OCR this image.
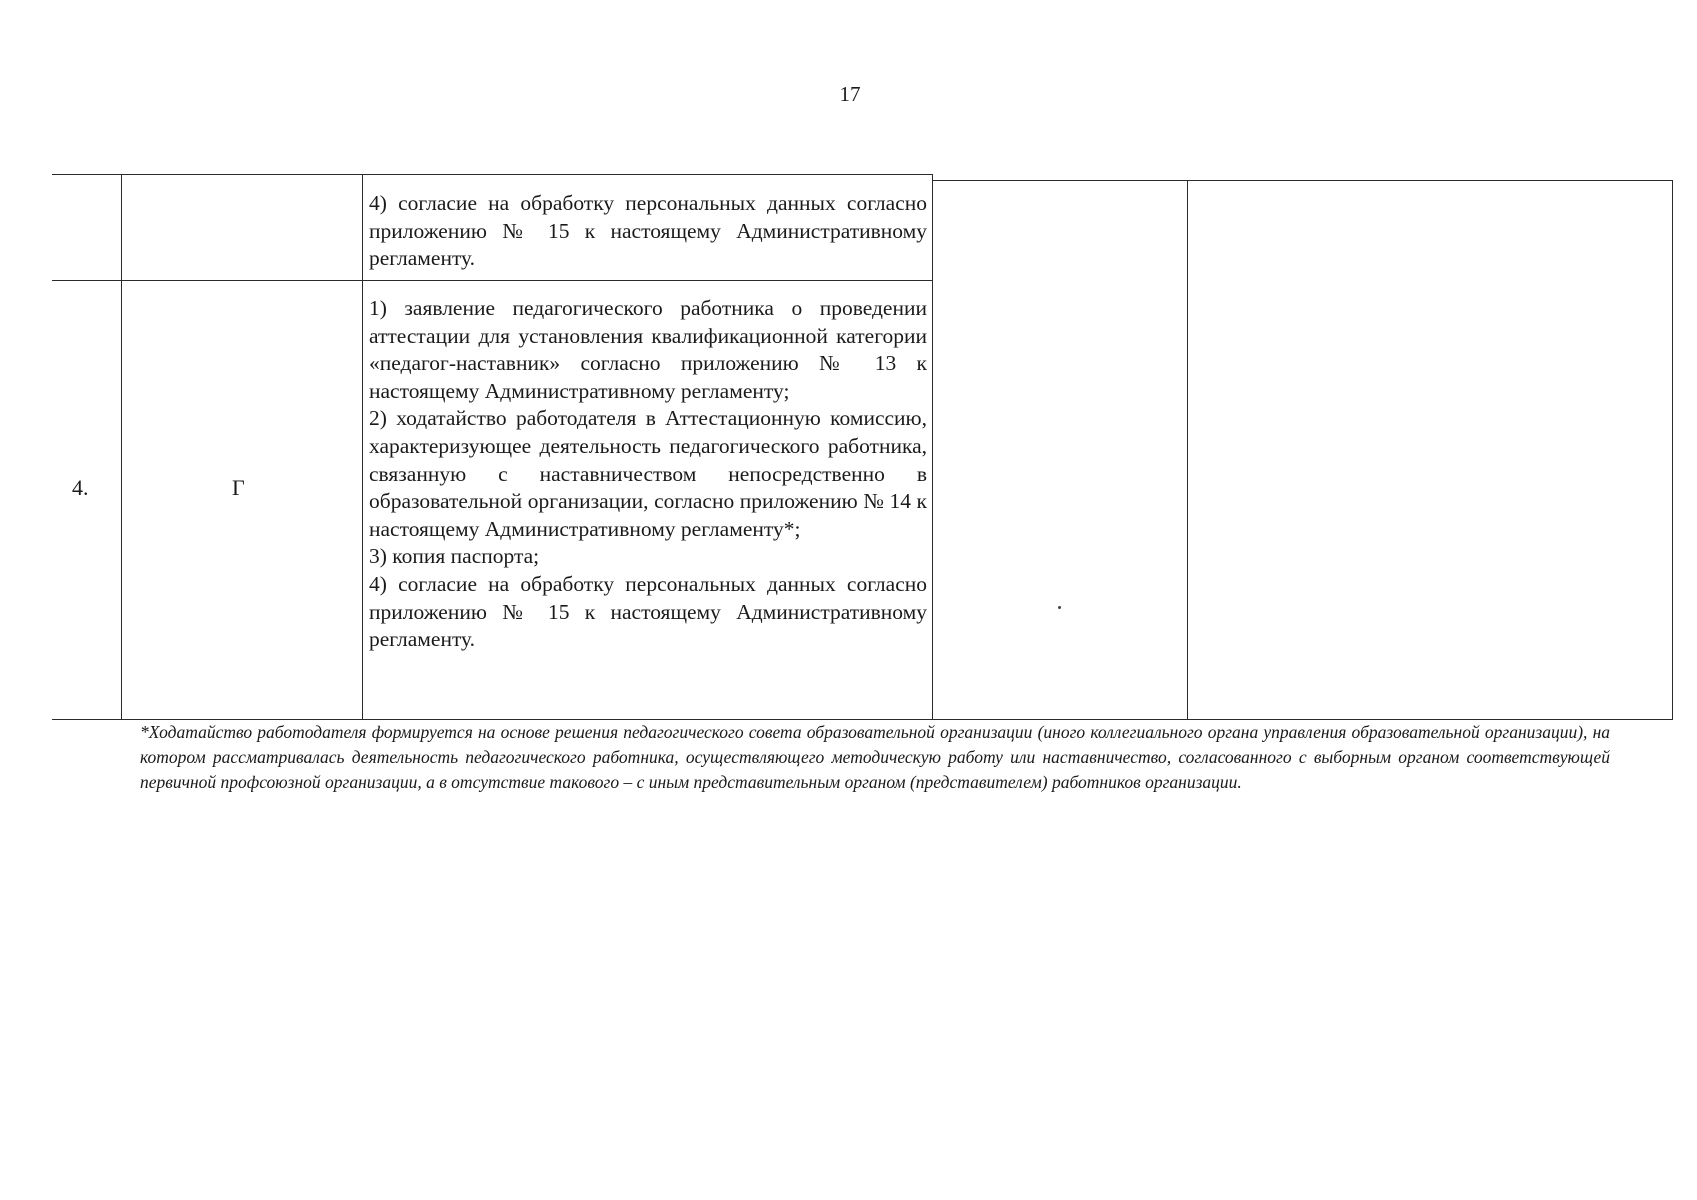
17

4) согласие на обработку персональных данных согласно приложению № 15 к настоящему Административному регламенту.

4.	Г

1) заявление педагогического работника о проведении аттестации для установления квалификационной категории «педагог-наставник» согласно приложению № 13 к настоящему Административному регламенту;

2) ходатайство работодателя в Аттестационную комиссию, характеризующее деятельность педагогического работника, связанную с наставничеством непосредственно в образовательной организации, согласно приложению № 14 к настоящему Административному регламенту*;

3) копия паспорта;

4) согласие на обработку персональных данных согласно приложению № 15 к настоящему Административному регламенту.

*Ходатайство работодателя формируется на основе решения педагогического совета образовательной организации (иного коллегиального органа управления образовательной организации), на котором рассматривалась деятельность педагогического работника, осуществляющего методическую работу или наставничество, согласованного с выборным органом соответствующей первичной профсоюзной организации, а в отсутствие такового – с иным представительным органом (представителем) работников организации.
